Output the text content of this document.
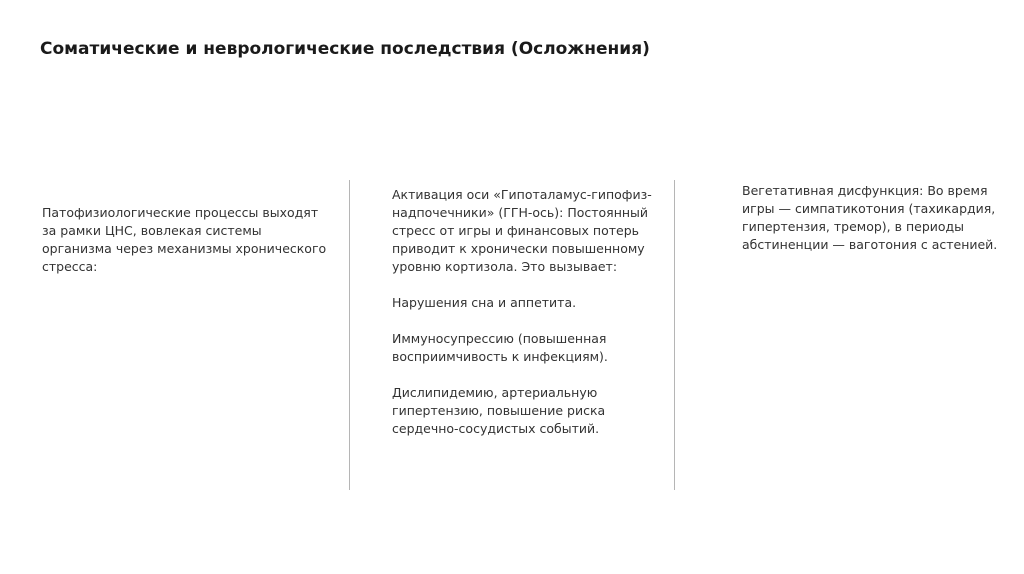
Соматические и неврологические последствия (Осложнения)

Патофизиологические процессы выходят за рамки ЦНС, вовлекая системы организма через механизмы хронического стресса:

Активация оси «Гипоталамус-гипофиз-надпочечники» (ГГН-ось): Постоянный стресс от игры и финансовых потерь приводит к хронически повышенному уровню кортизола. Это вызывает:

Нарушения сна и аппетита.

Иммуносупрессию (повышенная восприимчивость к инфекциям).

Дислипидемию, артериальную гипертензию, повышение риска сердечно-сосудистых событий.

Вегетативная дисфункция: Во время игры — симпатикотония (тахикардия, гипертензия, тремор), в периоды абстиненции — ваготония с астенией.
